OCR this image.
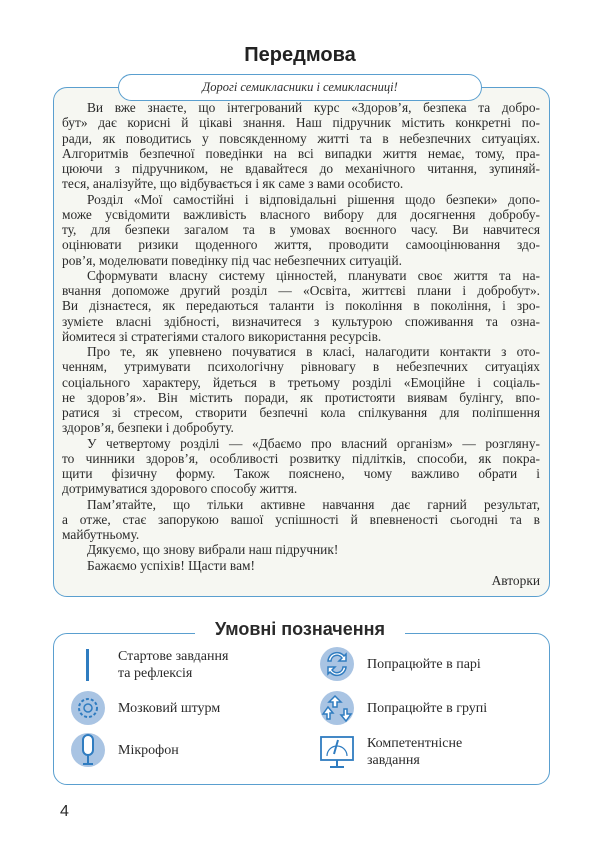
Передмова
Дорогі семикласники і семикласниці!
Ви вже знаєте, що інтегрований курс «Здоров’я, безпека та добро-
бут» дає корисні й цікаві знання. Наш підручник містить конкретні по-
ради, як поводитись у повсякденному житті та в небезпечних ситуаціях.
Алгоритмів безпечної поведінки на всі випадки життя немає, тому, пра-
цюючи з підручником, не вдавайтеся до механічного читання, зупиняй-
теся, аналізуйте, що відбувається і як саме з вами особисто.
Розділ «Мої самостійні і відповідальні рішення щодо безпеки» допо-
може усвідомити важливість власного вибору для досягнення добробу-
ту, для безпеки загалом та в умовах воєнного часу. Ви навчитеся
оцінювати ризики щоденного життя, проводити самооцінювання здо-
ров’я, моделювати поведінку під час небезпечних ситуацій.
Сформувати власну систему цінностей, планувати своє життя та на-
вчання допоможе другий розділ — «Освіта, життєві плани і добробут».
Ви дізнаєтеся, як передаються таланти із покоління в покоління, і зро-
зумієте власні здібності, визначитеся з культурою споживання та озна-
йомитеся зі стратегіями сталого використання ресурсів.
Про те, як упевнено почуватися в класі, налагодити контакти з ото-
ченням, утримувати психологічну рівновагу в небезпечних ситуаціях
соціального характеру, йдеться в третьому розділі «Емоційне і соціаль-
не здоров’я». Він містить поради, як протистояти виявам булінгу, впо-
ратися зі стресом, створити безпечні кола спілкування для поліпшення
здоров’я, безпеки і добробуту.
У четвертому розділі — «Дбаємо про власний організм» — розгляну-
то чинники здоров’я, особливості розвитку підлітків, способи, як покра-
щити фізичну форму. Також пояснено, чому важливо обрати і
дотримуватися здорового способу життя.
Пам’ятайте, що тільки активне навчання дає гарний результат,
а отже, стає запорукою вашої успішності й впевненості сьогодні та в
майбутньому.
Дякуємо, що знову вибрали наш підручник!
Бажаємо успіхів! Щасти вам!
Авторки
Умовні позначення
Стартове завдання
та рефлексія
Мозковий штурм
Мікрофон
Попрацюйте в парі
Попрацюйте в групі
Компетентнісне
завдання
4
